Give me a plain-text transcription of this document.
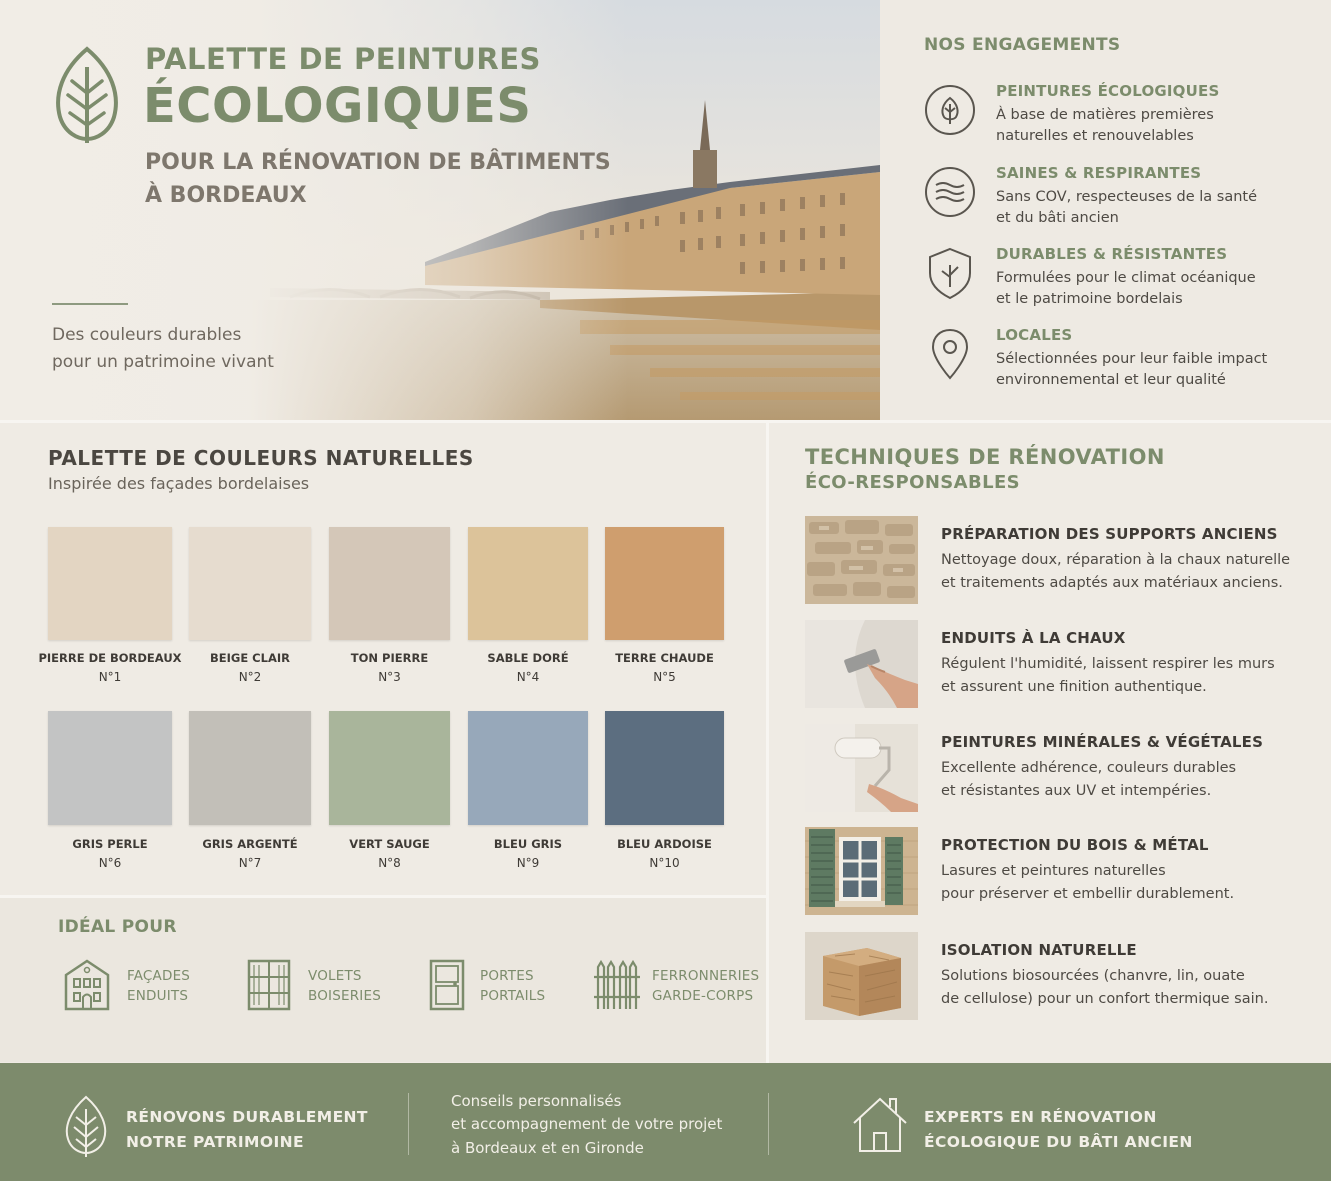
PALETTE DE PEINTURES
ÉCOLOGIQUES
POUR LA RÉNOVATION DE BÂTIMENTS
À BORDEAUX
Des couleurs durables
pour un patrimoine vivant
NOS ENGAGEMENTS
PEINTURES ÉCOLOGIQUES
À base de matières premières
naturelles et renouvelables
SAINES & RESPIRANTES
Sans COV, respecteuses de la santé
et du bâti ancien
DURABLES & RÉSISTANTES
Formulées pour le climat océanique
et le patrimoine bordelais
LOCALES
Sélectionnées pour leur faible impact
environnemental et leur qualité
PALETTE DE COULEURS NATURELLES
Inspirée des façades bordelaises
PIERRE DE BORDEAUX
N°1
BEIGE CLAIR
N°2
TON PIERRE
N°3
SABLE DORÉ
N°4
TERRE CHAUDE
N°5
GRIS PERLE
N°6
GRIS ARGENTÉ
N°7
VERT SAUGE
N°8
BLEU GRIS
N°9
BLEU ARDOISE
N°10
IDÉAL POUR
FAÇADES
ENDUITS
VOLETS
BOISERIES
PORTES
PORTAILS
FERRONNERIES
GARDE-CORPS
TECHNIQUES DE RÉNOVATION
ÉCO-RESPONSABLES
PRÉPARATION DES SUPPORTS ANCIENS
Nettoyage doux, réparation à la chaux naturelle
et traitements adaptés aux matériaux anciens.
ENDUITS À LA CHAUX
Régulent l'humidité, laissent respirer les murs
et assurent une finition authentique.
PEINTURES MINÉRALES & VÉGÉTALES
Excellente adhérence, couleurs durables
et résistantes aux UV et intempéries.
PROTECTION DU BOIS & MÉTAL
Lasures et peintures naturelles
pour préserver et embellir durablement.
ISOLATION NATURELLE
Solutions biosourcées (chanvre, lin, ouate
de cellulose) pour un confort thermique sain.
RÉNOVONS DURABLEMENT
NOTRE PATRIMOINE
Conseils personnalisés
et accompagnement de votre projet
à Bordeaux et en Gironde
EXPERTS EN RÉNOVATION
ÉCOLOGIQUE DU BÂTI ANCIEN
